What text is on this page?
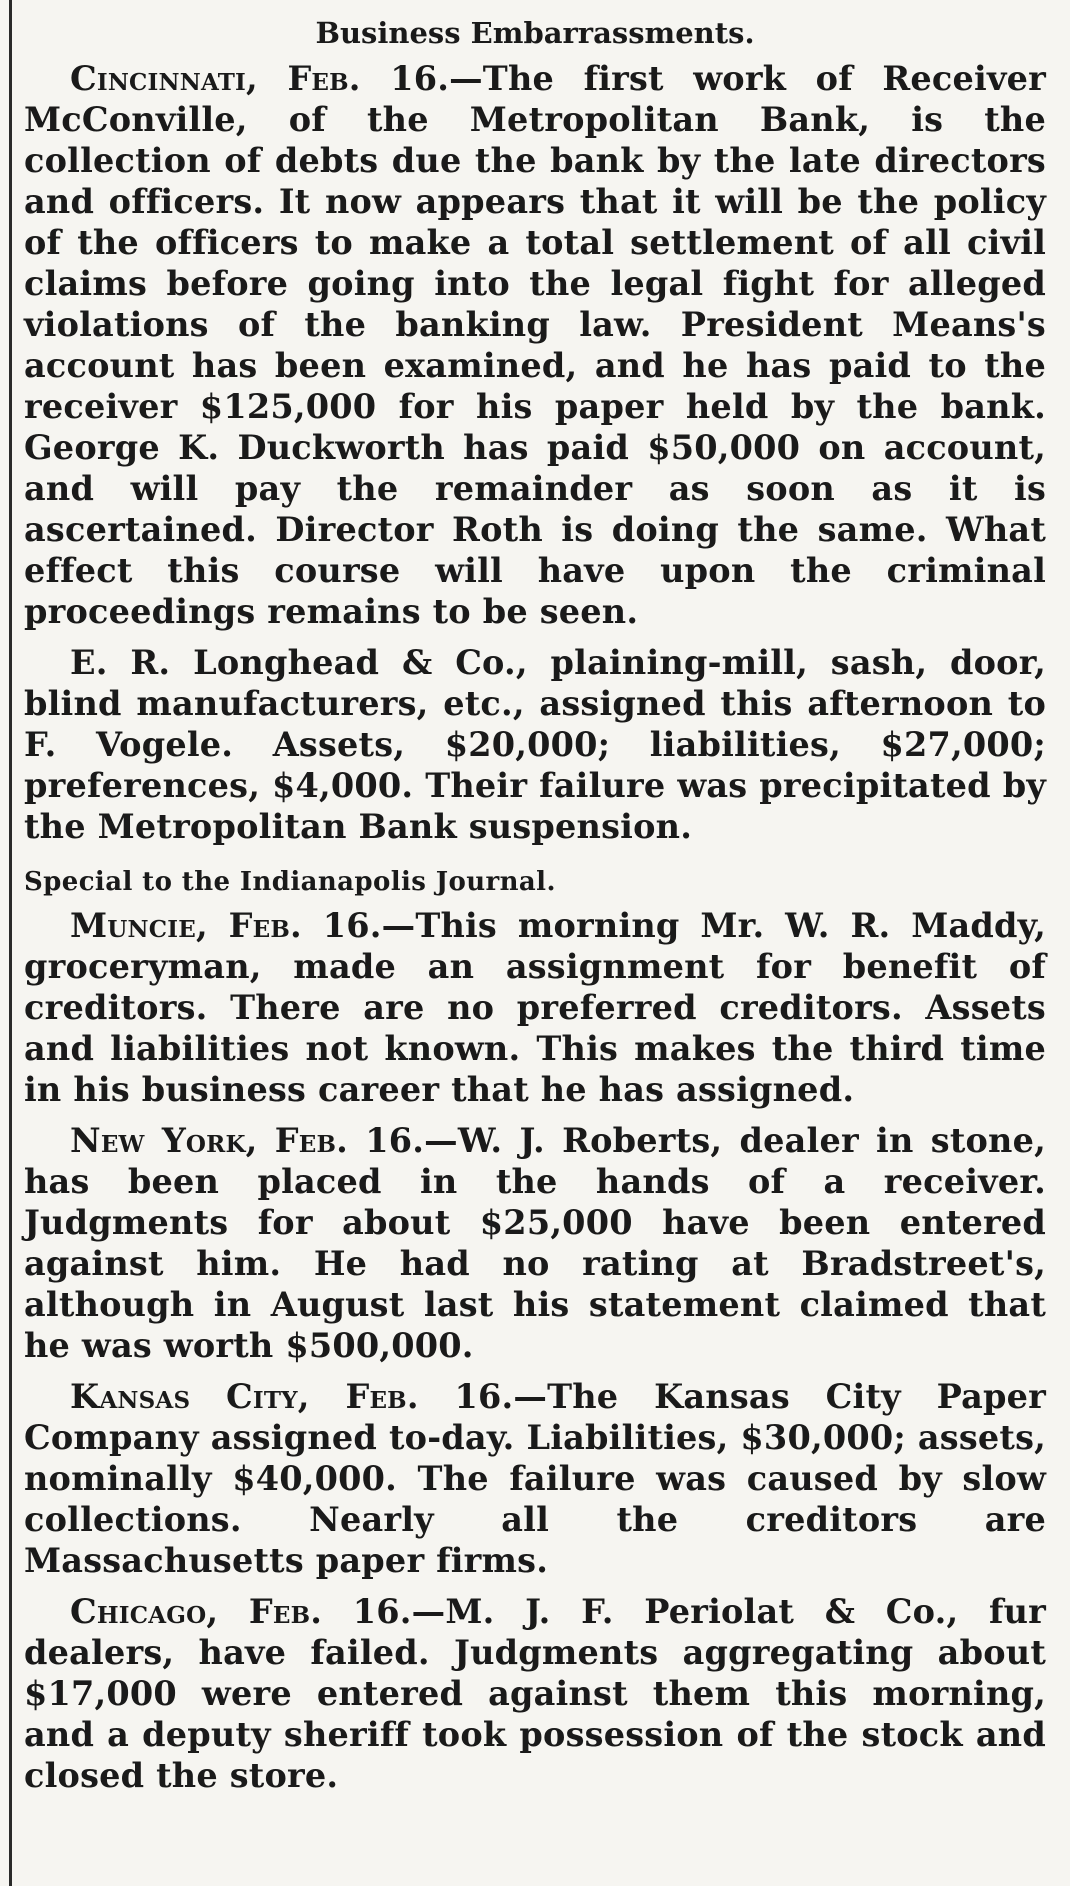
Business Embarrassments.

Cincinnati, Feb. 16.—The first work of Receiver McConville, of the Metropolitan Bank, is the collection of debts due the bank by the late directors and officers. It now appears that it will be the policy of the officers to make a total settlement of all civil claims before going into the legal fight for alleged violations of the banking law. President Means's account has been examined, and he has paid to the receiver $125,000 for his paper held by the bank. George K. Duckworth has paid $50,000 on account, and will pay the remainder as soon as it is ascertained. Director Roth is doing the same. What effect this course will have upon the criminal proceedings remains to be seen.

E. R. Longhead & Co., plaining-mill, sash, door, blind manufacturers, etc., assigned this afternoon to F. Vogele. Assets, $20,000; liabilities, $27,000; preferences, $4,000. Their failure was precipitated by the Metropolitan Bank suspension.

Special to the Indianapolis Journal.

Muncie, Feb. 16.—This morning Mr. W. R. Maddy, groceryman, made an assignment for benefit of creditors. There are no preferred creditors. Assets and liabilities not known. This makes the third time in his business career that he has assigned.

New York, Feb. 16.—W. J. Roberts, dealer in stone, has been placed in the hands of a receiver. Judgments for about $25,000 have been entered against him. He had no rating at Bradstreet's, although in August last his statement claimed that he was worth $500,000.

Kansas City, Feb. 16.—The Kansas City Paper Company assigned to-day. Liabilities, $30,000; assets, nominally $40,000. The failure was caused by slow collections. Nearly all the creditors are Massachusetts paper firms.

Chicago, Feb. 16.—M. J. F. Periolat & Co., fur dealers, have failed. Judgments aggregating about $17,000 were entered against them this morning, and a deputy sheriff took possession of the stock and closed the store.
